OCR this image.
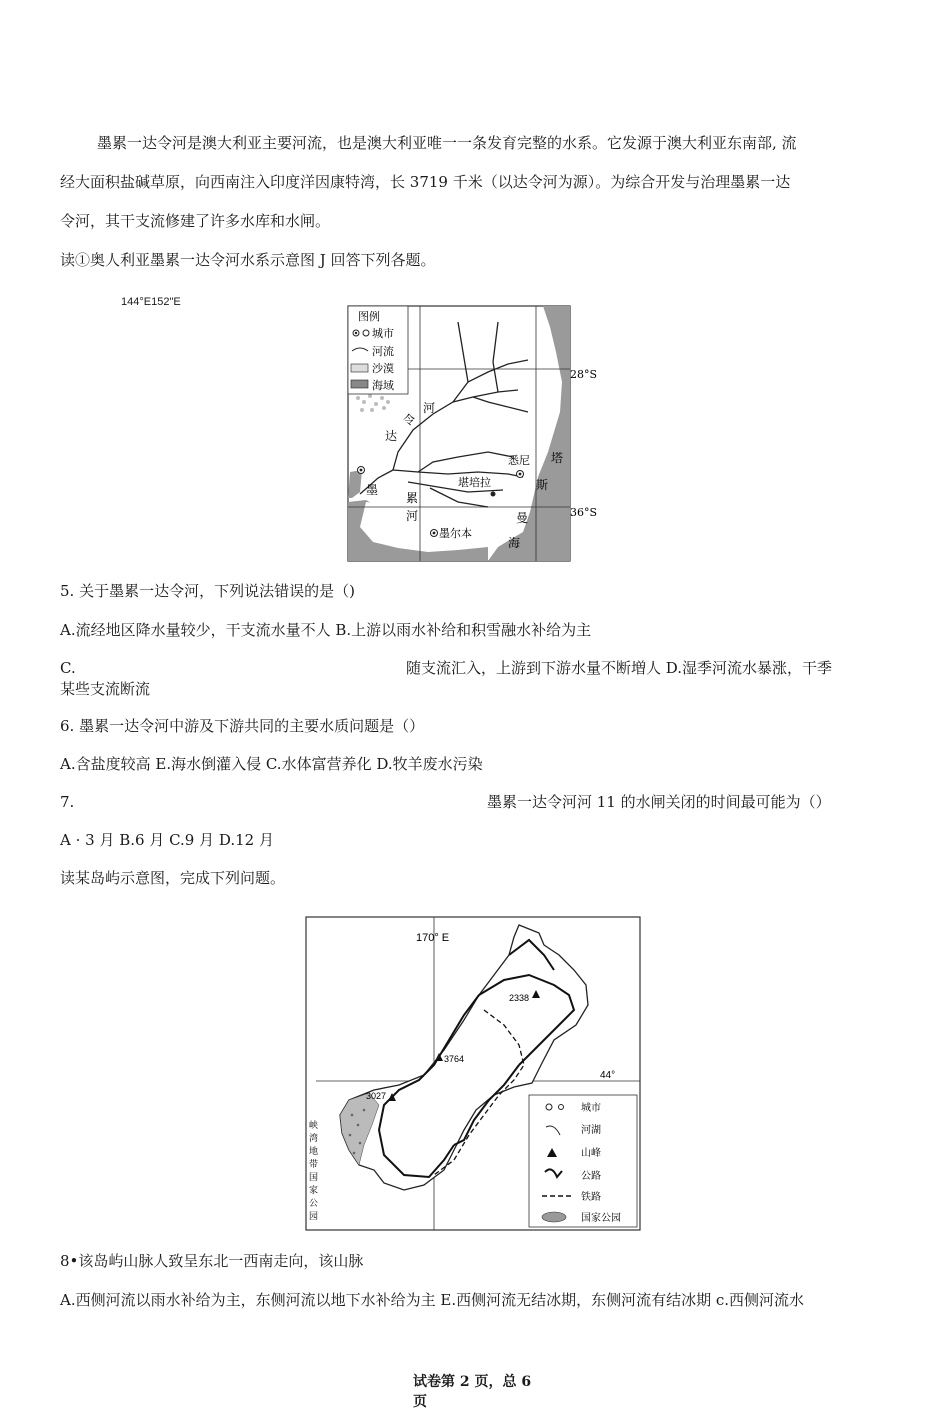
墨累一达令河是澳大利亚主要河流，也是澳大利亚唯一一条发育完整的水系。它发源于澳大利亚东南部, 流
经大面积盐碱草原，向西南注入印度洋因康特湾，长 3719 千米（以达令河为源）。为综合开发与治理墨累一达
令河，其干支流修建了许多水库和水闸。
读①奥人利亚墨累一达令河水系示意图 J 回答下列各题。
144°E152"E
图例
城市
河流
沙漠
海域
28°S
36°S
河
令
达
墨
累
河
悉尼
堪培拉
墨尔本
塔
斯
曼
海
5. 关于墨累一达令河，下列说法错误的是（)
A.流经地区降水量较少，干支流水量不人 B.上游以雨水补给和积雪融水补给为主
C.	随支流汇入，上游到下游水量不断増人 D.湿季河流水暴涨，干季
某些支流断流
6. 墨累一达令河中游及下游共同的主要水质问题是（）
A.含盐度较高 E.海水倒灌入侵 C.水体富营养化 D.牧羊废水污染
7.	墨累一达令河河 11 的水闸关闭的时间最可能为（）
A · 3 月 B.6 月 C.9 月 D.12 月
读某岛屿示意图，完成下列问题。
170° E
44°
2338
3764
3027
峡湾地带国家公园
城市
河湖
山峰
公路
铁路
国家公园
8•该岛屿山脉人致呈东北一西南走向，该山脉
A.西侧河流以雨水补给为主，东侧河流以地下水补给为主 E.西侧河流无结冰期，东侧河流有结冰期 c.西侧河流水
试卷第 2 页，总 6
页
